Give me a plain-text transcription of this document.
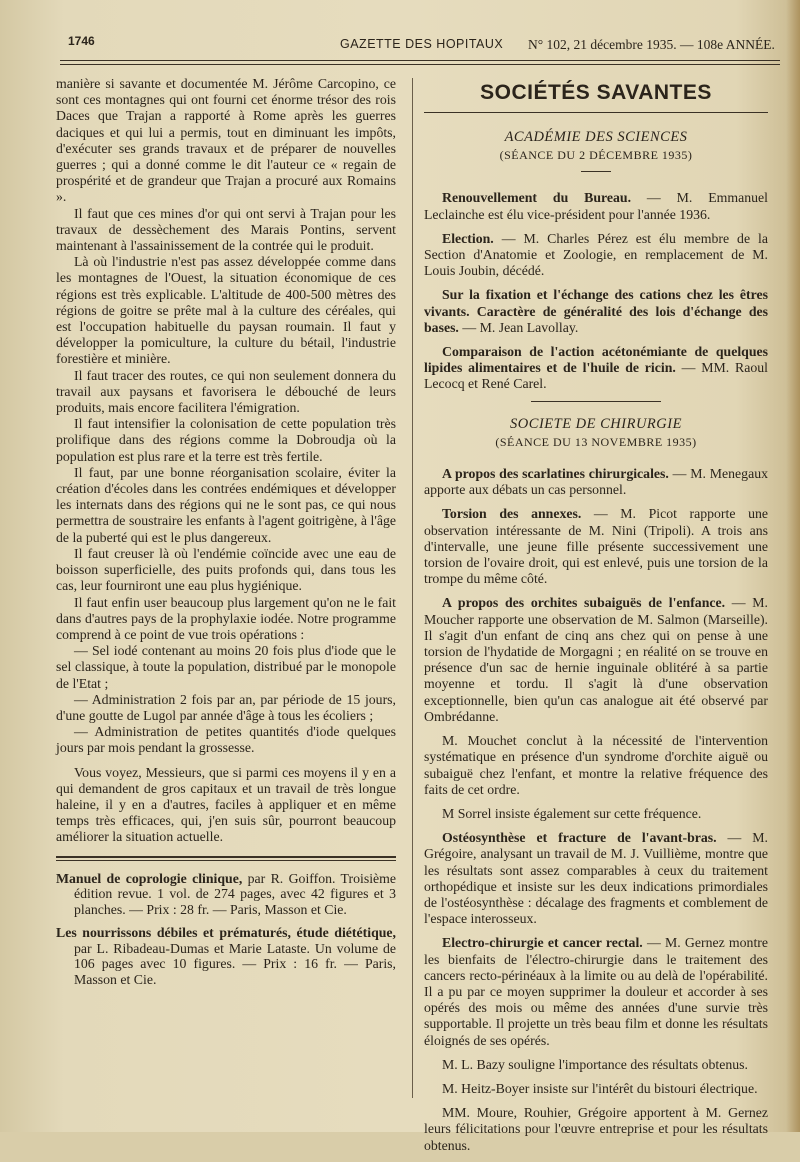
1746	GAZETTE DES HOPITAUX N° 102, 21 décembre 1935. — 108e ANNÉE.

manière si savante et documentée M. Jérôme Carcopino, ce sont ces montagnes qui ont fourni cet énorme trésor des rois Daces que Trajan a rapporté à Rome après les guerres daciques et qui lui a permis, tout en diminuant les impôts, d'exécuter ses grands travaux et de préparer de nouvelles guerres ; qui a donné comme le dit l'auteur ce « regain de prospérité et de grandeur que Trajan a procuré aux Romains ».

Il faut que ces mines d'or qui ont servi à Trajan pour les travaux de dessèchement des Marais Pontins, servent maintenant à l'assainissement de la contrée qui le produit.

Là où l'industrie n'est pas assez développée comme dans les montagnes de l'Ouest, la situation économique de ces régions est très explicable. L'altitude de 400-500 mètres des régions de goitre se prête mal à la culture des céréales, qui est l'occupation habituelle du paysan roumain. Il faut y développer la pomiculture, la culture du bétail, l'industrie forestière et minière.

Il faut tracer des routes, ce qui non seulement donnera du travail aux paysans et favorisera le débouché de leurs produits, mais encore facilitera l'émigration.

Il faut intensifier la colonisation de cette population très prolifique dans des régions comme la Dobroudja où la population est plus rare et la terre est très fertile.

Il faut, par une bonne réorganisation scolaire, éviter la création d'écoles dans les contrées endémiques et développer les internats dans des régions qui ne le sont pas, ce qui nous permettra de soustraire les enfants à l'agent goitrigène, à l'âge de la puberté qui est le plus dangereux.

Il faut creuser là où l'endémie coïncide avec une eau de boisson superficielle, des puits profonds qui, dans tous les cas, leur fourniront une eau plus hygiénique.

Il faut enfin user beaucoup plus largement qu'on ne le fait dans d'autres pays de la prophylaxie iodée. Notre programme comprend à ce point de vue trois opérations :

— Sel iodé contenant au moins 20 fois plus d'iode que le sel classique, à toute la population, distribué par le monopole de l'Etat ;

— Administration 2 fois par an, par période de 15 jours, d'une goutte de Lugol par année d'âge à tous les écoliers ;

— Administration de petites quantités d'iode quelques jours par mois pendant la grossesse.

Vous voyez, Messieurs, que si parmi ces moyens il y en a qui demandent de gros capitaux et un travail de très longue haleine, il y en a d'autres, faciles à appliquer et en même temps très efficaces, qui, j'en suis sûr, pourront beaucoup améliorer la situation actuelle.

Manuel de coprologie clinique, par R. Goiffon. Troisième édition revue. 1 vol. de 274 pages, avec 42 figures et 3 planches. — Prix : 28 fr. — Paris, Masson et Cie.

Les nourrissons débiles et prématurés, étude diététique, par L. Ribadeau-Dumas et Marie Lataste. Un volume de 106 pages avec 10 figures. — Prix : 16 fr. — Paris, Masson et Cie.

SOCIÉTÉS SAVANTES
ACADÉMIE DES SCIENCES
(SÉANCE DU 2 DÉCEMBRE 1935)

Renouvellement du Bureau. — M. Emmanuel Leclainche est élu vice-président pour l'année 1936.

Election. — M. Charles Pérez est élu membre de la Section d'Anatomie et Zoologie, en remplacement de M. Louis Joubin, décédé.

Sur la fixation et l'échange des cations chez les êtres vivants. Caractère de généralité des lois d'échange des bases. — M. Jean Lavollay.

Comparaison de l'action acétonémiante de quelques lipides alimentaires et de l'huile de ricin. — MM. Raoul Lecocq et René Carel.

SOCIETE DE CHIRURGIE
(SÉANCE DU 13 NOVEMBRE 1935)

A propos des scarlatines chirurgicales. — M. Menegaux apporte aux débats un cas personnel.

Torsion des annexes. — M. Picot rapporte une observation intéressante de M. Nini (Tripoli). A trois ans d'intervalle, une jeune fille présente successivement une torsion de l'ovaire droit, qui est enlevé, puis une torsion de la trompe du même côté.

A propos des orchites subaiguës de l'enfance. — M. Moucher rapporte une observation de M. Salmon (Marseille). Il s'agit d'un enfant de cinq ans chez qui on pense à une torsion de l'hydatide de Morgagni ; en réalité on se trouve en présence d'un sac de hernie inguinale oblitéré à sa partie moyenne et tordu. Il s'agit là d'une observation exceptionnelle, bien qu'un cas analogue ait été observé par Ombrédanne.

M. Mouchet conclut à la nécessité de l'intervention systématique en présence d'un syndrome d'orchite aiguë ou subaiguë chez l'enfant, et montre la relative fréquence des faits de cet ordre.

M Sorrel insiste également sur cette fréquence.

Ostéosynthèse et fracture de l'avant-bras. — M. Grégoire, analysant un travail de M. J. Vuillième, montre que les résultats sont assez comparables à ceux du traitement orthopédique et insiste sur les deux indications primordiales de l'ostéosynthèse : décalage des fragments et comblement de l'espace interosseux.

Electro-chirurgie et cancer rectal. — M. Gernez montre les bienfaits de l'électro-chirurgie dans le traitement des cancers recto-périnéaux à la limite ou au delà de l'opérabilité. Il a pu par ce moyen supprimer la douleur et accorder à ses opérés des mois ou même des années d'une survie très supportable. Il projette un très beau film et donne les résultats éloignés de ses opérés.

M. L. Bazy souligne l'importance des résultats obtenus.

M. Heitz-Boyer insiste sur l'intérêt du bistouri électrique.

MM. Moure, Rouhier, Grégoire apportent à M. Gernez leurs félicitations pour l'œuvre entreprise et pour les résultats obtenus.
